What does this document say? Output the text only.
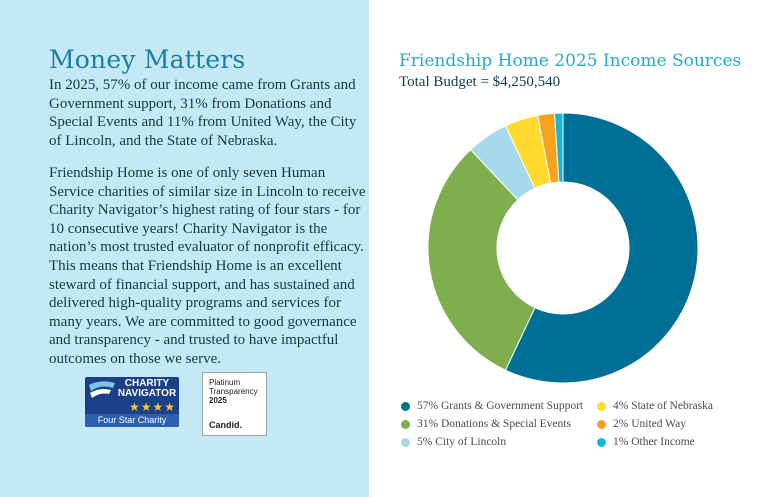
Money Matters
In 2025, 57% of our income came from Grants and Government support, 31% from Donations and Special Events and 11% from United Way, the City of Lincoln, and the State of Nebraska.
Friendship Home is one of only seven Human Service charities of similar size in Lincoln to receive Charity Navigator’s highest rating of four stars - for 10 consecutive years! Charity Navigator is the nation’s most trusted evaluator of nonprofit efficacy. This means that Friendship Home is an excellent steward of financial support, and has sustained and delivered high-quality programs and services for many years. We are committed to good governance and transparency - and trusted to have impactful outcomes on those we serve.
CHARITY
NAVIGATOR
★★★★
Four Star Charity
Platinum
Transparency
2025
Candid.
Friendship Home 2025 Income Sources
Total Budget = $4,250,540
57% Grants & Government Support
31% Donations & Special Events
5% City of Lincoln
4% State of Nebraska
2% United Way
1% Other Income
